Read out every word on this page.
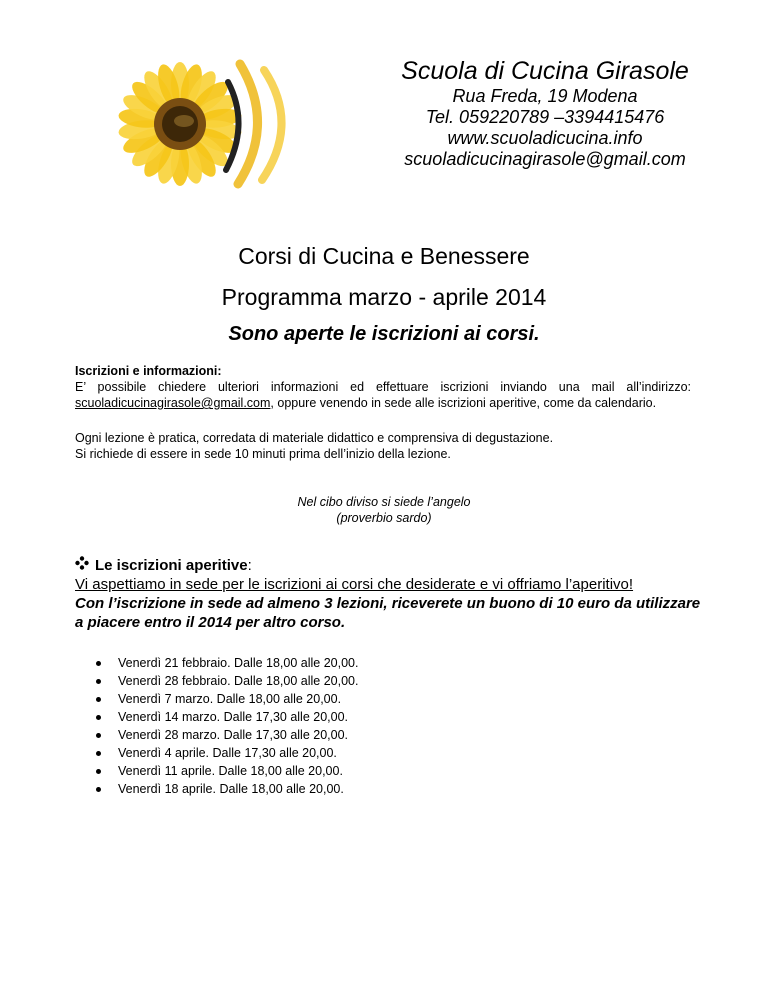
Scuola di Cucina Girasole
Rua Freda, 19 Modena
Tel. 059220789 –3394415476
www.scuoladicucina.info
scuoladicucinagirasole@gmail.com
Corsi di Cucina e Benessere
Programma marzo - aprile 2014
Sono aperte le iscrizioni ai corsi.
Iscrizioni e informazioni:
E’ possibile chiedere ulteriori informazioni ed effettuare iscrizioni inviando una mail all’indirizzo:
scuoladicucinagirasole@gmail.com, oppure venendo in sede alle iscrizioni aperitive, come da calendario.
Ogni lezione è pratica, corredata di materiale didattico e comprensiva di degustazione.
Si richiede di essere in sede 10 minuti prima dell’inizio della lezione.
Nel cibo diviso si siede l’angelo
(proverbio sardo)
Le iscrizioni aperitive :
Vi aspettiamo in sede per le iscrizioni ai corsi che desiderate e vi offriamo l’aperitivo!
Con l’iscrizione in sede ad almeno 3 lezioni, riceverete un buono di 10 euro da utilizzare
a piacere entro il 2014 per altro corso.
Venerdì 21 febbraio. Dalle 18,00 alle 20,00.
Venerdì 28 febbraio. Dalle 18,00 alle 20,00.
Venerdì 7 marzo. Dalle 18,00 alle 20,00.
Venerdì 14 marzo. Dalle 17,30 alle 20,00.
Venerdì 28 marzo. Dalle 17,30 alle 20,00.
Venerdì 4 aprile. Dalle 17,30 alle 20,00.
Venerdì 11 aprile. Dalle 18,00 alle 20,00.
Venerdì 18 aprile. Dalle 18,00 alle 20,00.
